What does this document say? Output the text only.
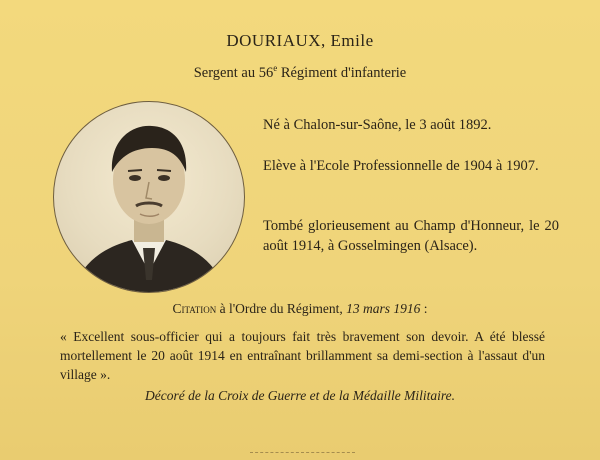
DOURIAUX, Emile
Sergent au 56e Régiment d'infanterie
Né à Chalon-sur-Saône, le 3 août 1892.
Elève à l'Ecole Professionnelle de 1904 à 1907.
Tombé glorieusement au Champ d'Honneur, le 20 août 1914, à Gosselmingen (Alsace).
Citation à l'Ordre du Régiment, 13 mars 1916 :
« Excellent sous-officier qui a toujours fait très bravement son devoir. A été blessé mortellement le 20 août 1914 en entraînant brillamment sa demi-section à l'assaut d'un village ».
Décoré de la Croix de Guerre et de la Médaille Militaire.
